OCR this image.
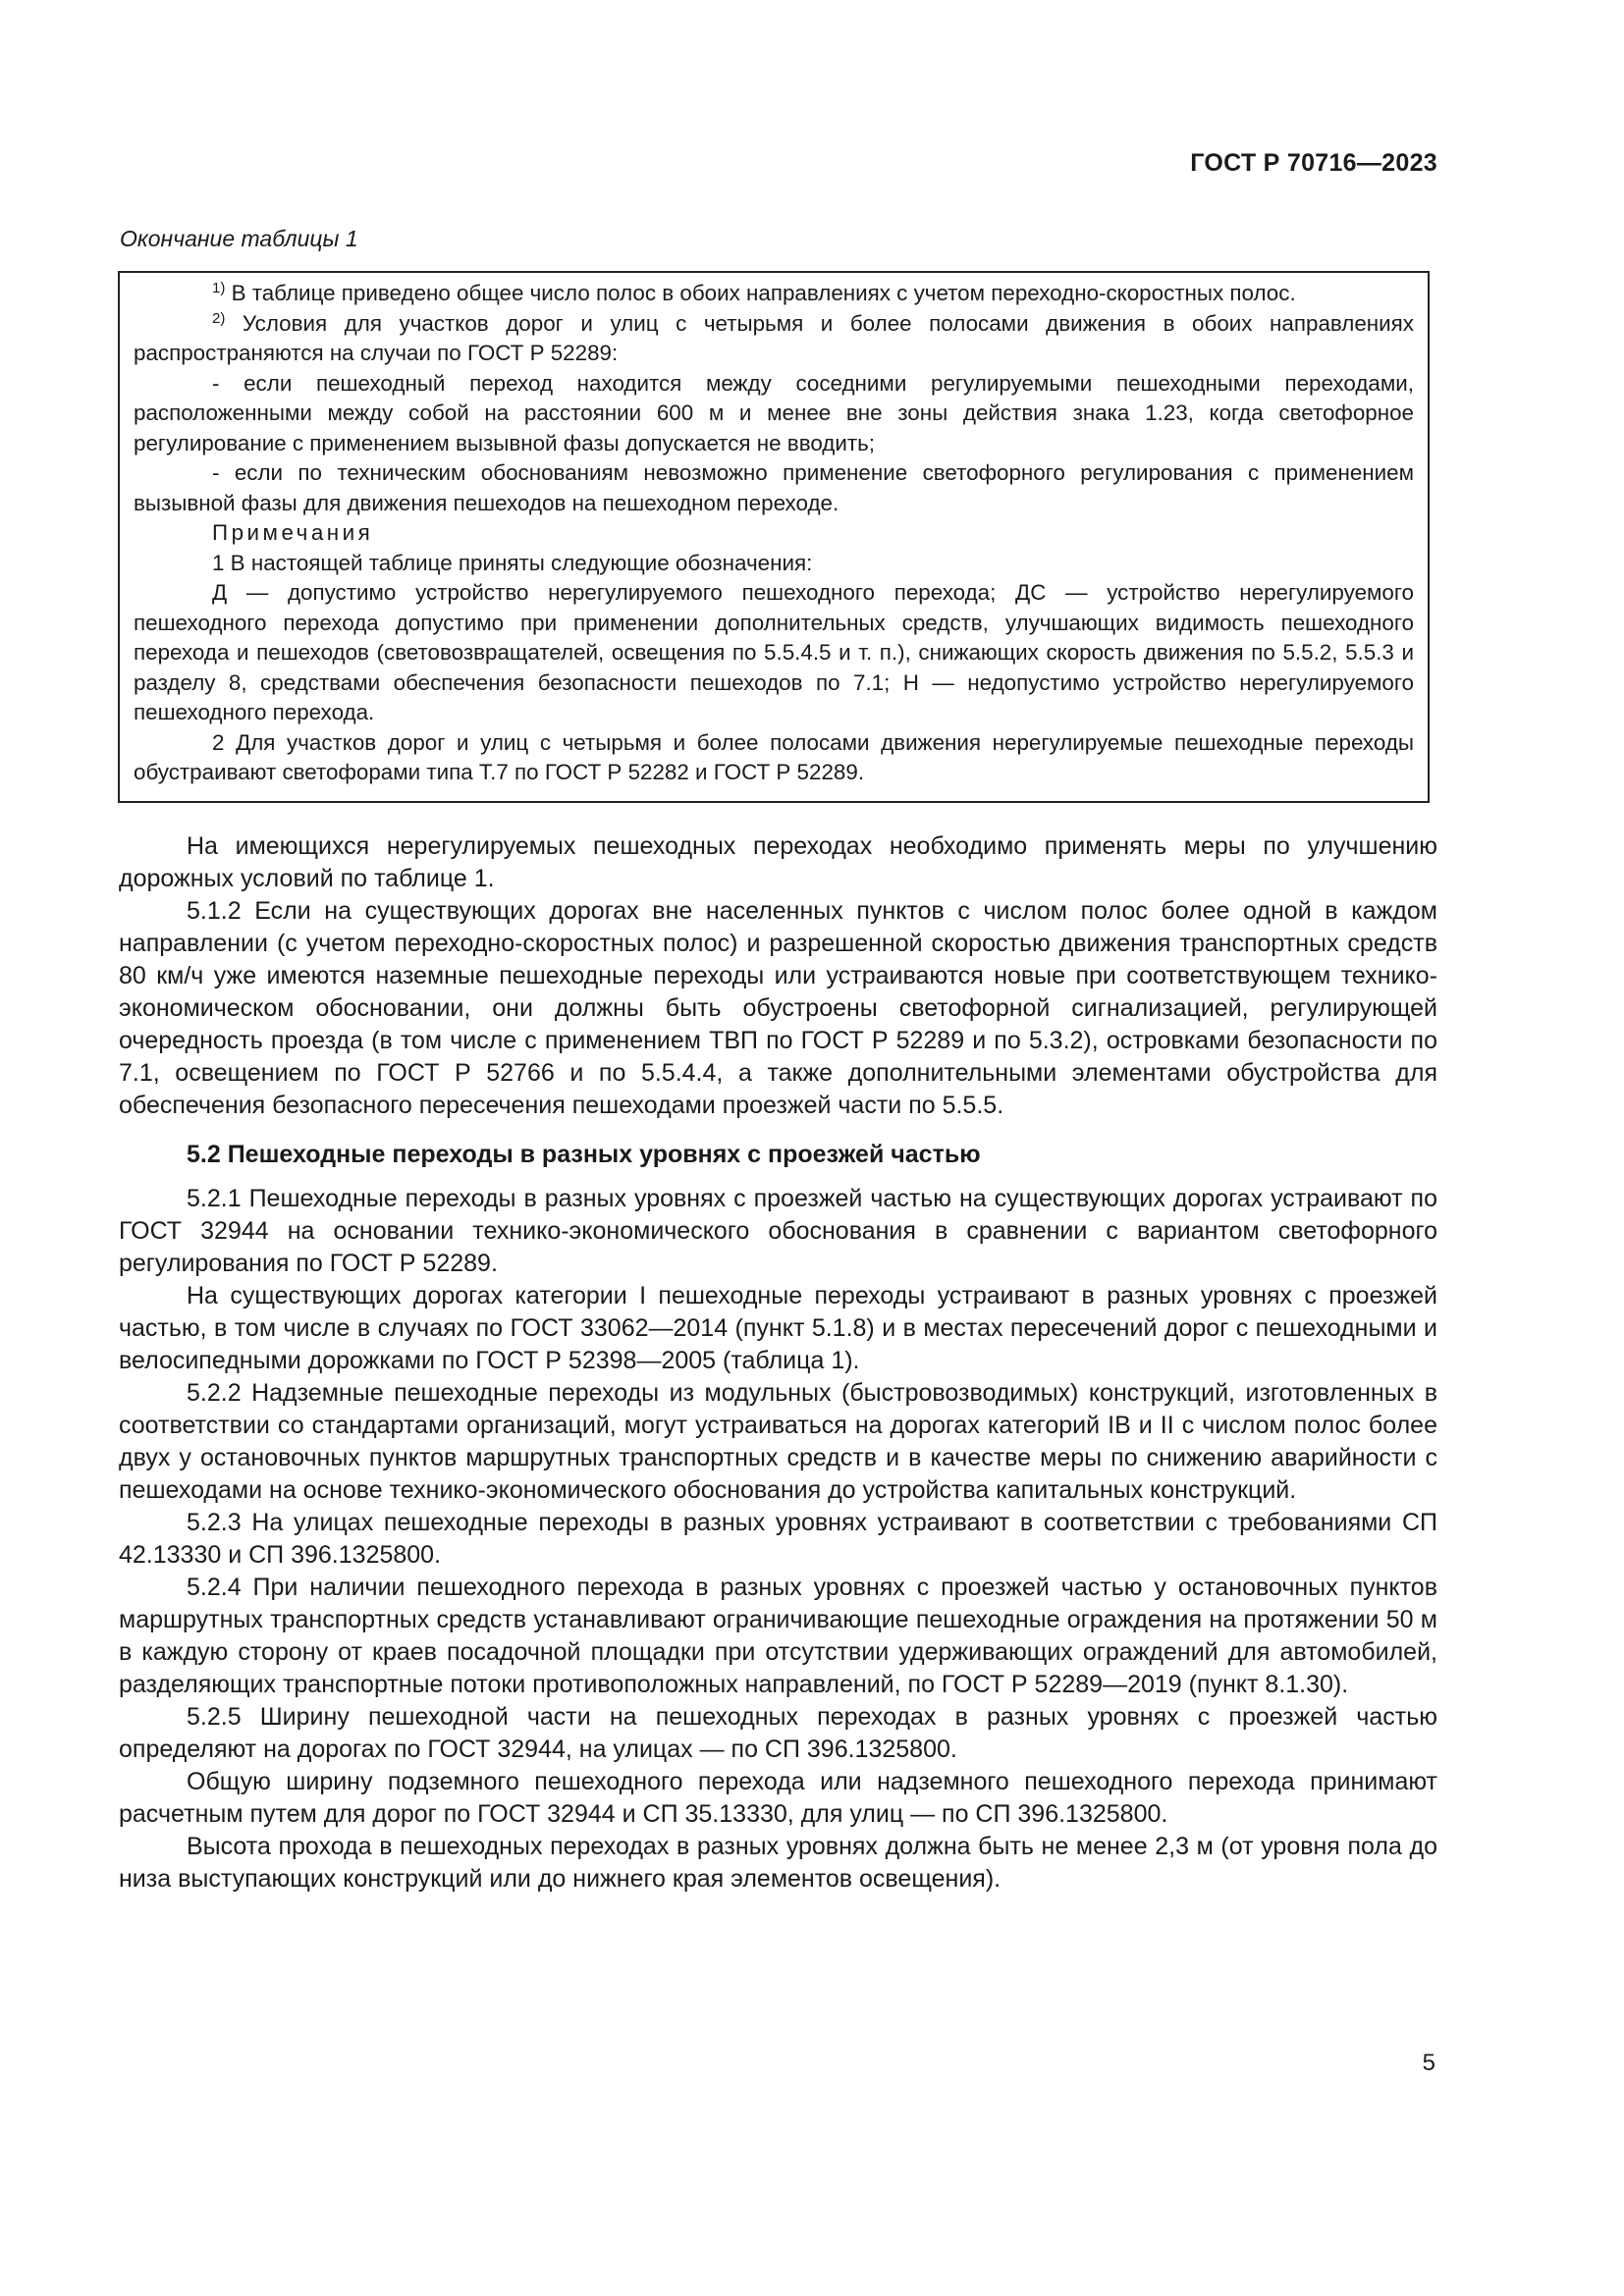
ГОСТ Р 70716—2023
Окончание таблицы 1

$^{1)}$ В таблице приведено общее число полос в обоих направлениях с учетом переходно-скоростных полос.

$^{2)}$ Условия для участков дорог и улиц с четырьмя и более полосами движения в обоих направлениях распространяются на случаи по ГОСТ Р 52289:

- если пешеходный переход находится между соседними регулируемыми пешеходными переходами, расположенными между собой на расстоянии 600 м и менее вне зоны действия знака 1.23, когда светофорное регулирование с применением вызывной фазы допускается не вводить;

- если по техническим обоснованиям невозможно применение светофорного регулирования с применением вызывной фазы для движения пешеходов на пешеходном переходе.

Примечания

1 В настоящей таблице приняты следующие обозначения:

Д — допустимо устройство нерегулируемого пешеходного перехода; ДС — устройство нерегулируемого пешеходного перехода допустимо при применении дополнительных средств, улучшающих видимость пешеходного перехода и пешеходов (световозвращателей, освещения по 5.5.4.5 и т. п.), снижающих скорость движения по 5.5.2, 5.5.3 и разделу 8, средствами обеспечения безопасности пешеходов по 7.1; Н — недопустимо устройство нерегулируемого пешеходного перехода.

2 Для участков дорог и улиц с четырьмя и более полосами движения нерегулируемые пешеходные переходы обустраивают светофорами типа Т.7 по ГОСТ Р 52282 и ГОСТ Р 52289.

На имеющихся нерегулируемых пешеходных переходах необходимо применять меры по улучшению дорожных условий по таблице 1.

5.1.2 Если на существующих дорогах вне населенных пунктов с числом полос более одной в каждом направлении (с учетом переходно-скоростных полос) и разрешенной скоростью движения транспортных средств 80 км/ч уже имеются наземные пешеходные переходы или устраиваются новые при соответствующем технико-экономическом обосновании, они должны быть обустроены светофорной сигнализацией, регулирующей очередность проезда (в том числе с применением ТВП по ГОСТ Р 52289 и по 5.3.2), островками безопасности по 7.1, освещением по ГОСТ Р 52766 и по 5.5.4.4, а также дополнительными элементами обустройства для обеспечения безопасного пересечения пешеходами проезжей части по 5.5.5.

5.2 Пешеходные переходы в разных уровнях с проезжей частью

5.2.1 Пешеходные переходы в разных уровнях с проезжей частью на существующих дорогах устраивают по ГОСТ 32944 на основании технико-экономического обоснования в сравнении с вариантом светофорного регулирования по ГОСТ Р 52289.

На существующих дорогах категории I пешеходные переходы устраивают в разных уровнях с проезжей частью, в том числе в случаях по ГОСТ 33062—2014 (пункт 5.1.8) и в местах пересечений дорог с пешеходными и велосипедными дорожками по ГОСТ Р 52398—2005 (таблица 1).

5.2.2 Надземные пешеходные переходы из модульных (быстровозводимых) конструкций, изготовленных в соответствии со стандартами организаций, могут устраиваться на дорогах категорий IB и II с числом полос более двух у остановочных пунктов маршрутных транспортных средств и в качестве меры по снижению аварийности с пешеходами на основе технико-экономического обоснования до устройства капитальных конструкций.

5.2.3 На улицах пешеходные переходы в разных уровнях устраивают в соответствии с требованиями СП 42.13330 и СП 396.1325800.

5.2.4 При наличии пешеходного перехода в разных уровнях с проезжей частью у остановочных пунктов маршрутных транспортных средств устанавливают ограничивающие пешеходные ограждения на протяжении 50 м в каждую сторону от краев посадочной площадки при отсутствии удерживающих ограждений для автомобилей, разделяющих транспортные потоки противоположных направлений, по ГОСТ Р 52289—2019 (пункт 8.1.30).

5.2.5 Ширину пешеходной части на пешеходных переходах в разных уровнях с проезжей частью определяют на дорогах по ГОСТ 32944, на улицах — по СП 396.1325800.

Общую ширину подземного пешеходного перехода или надземного пешеходного перехода принимают расчетным путем для дорог по ГОСТ 32944 и СП 35.13330, для улиц — по СП 396.1325800.

Высота прохода в пешеходных переходах в разных уровнях должна быть не менее 2,3 м (от уровня пола до низа выступающих конструкций или до нижнего края элементов освещения).

5
